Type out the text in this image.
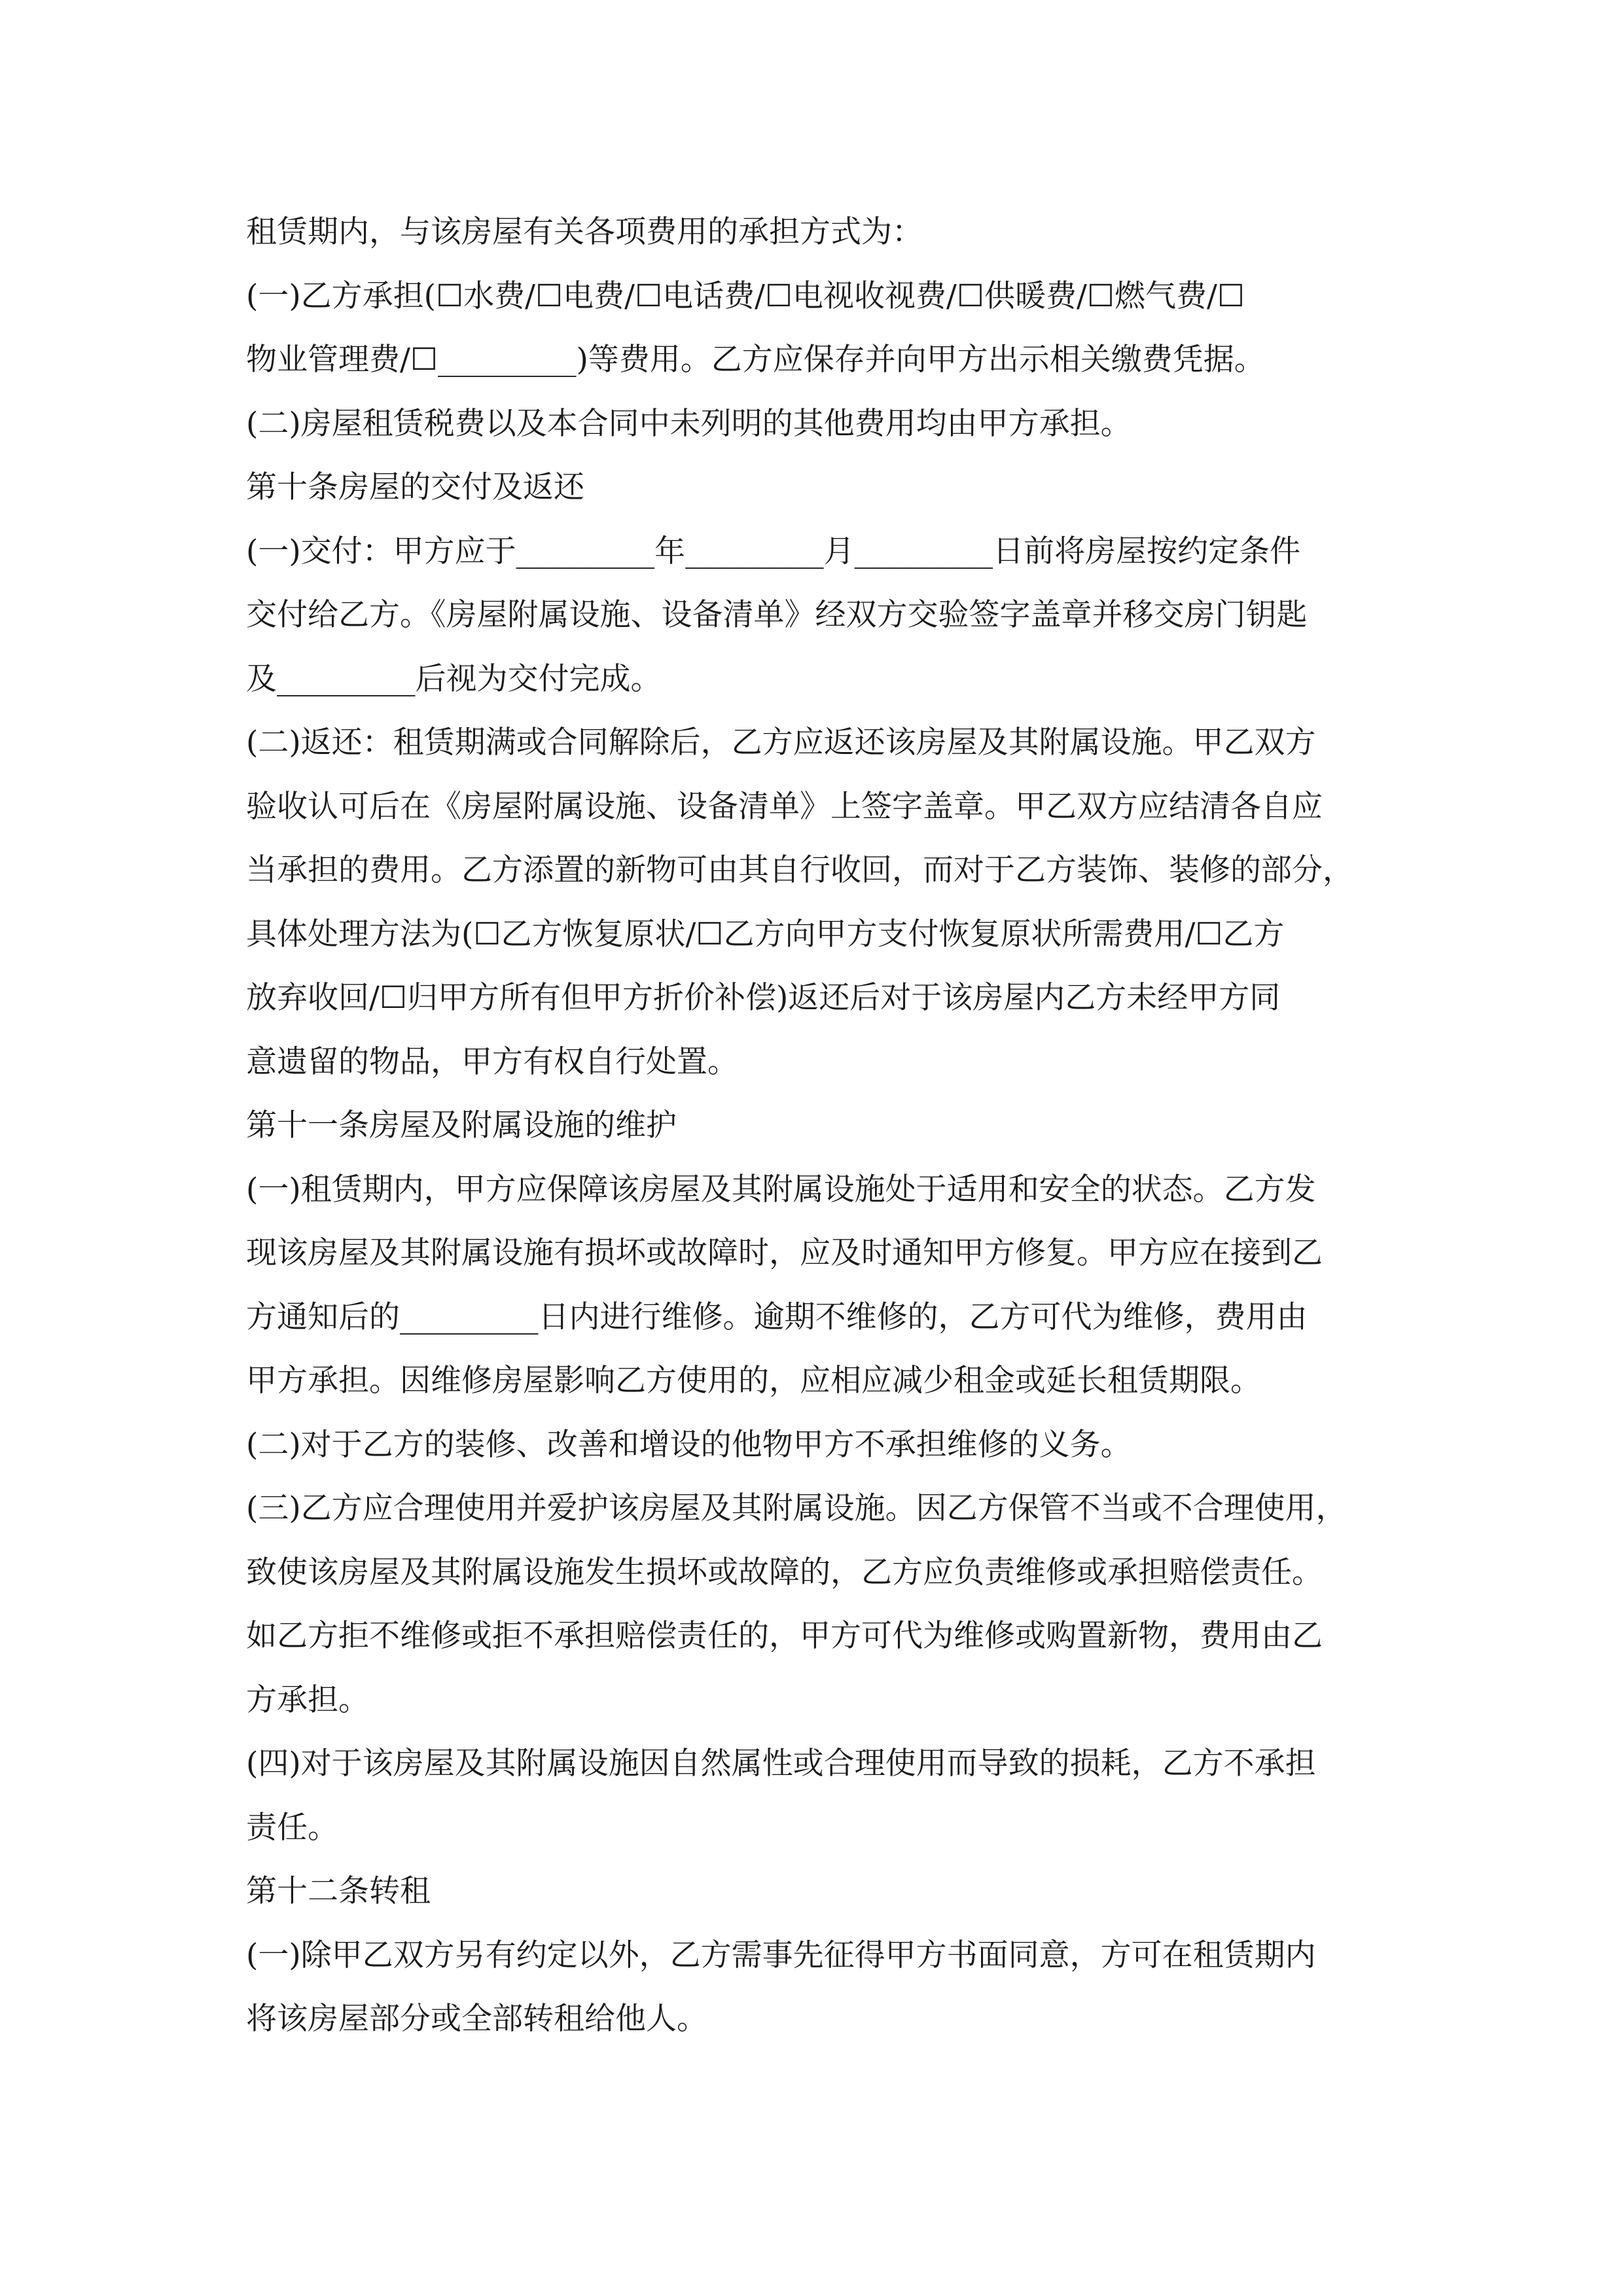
租赁期内，与该房屋有关各项费用的承担方式为：

(一)乙方承担(☐水费/☐电费/☐电话费/☐电视收视费/☐供暖费/☐燃气费/☐

物业管理费/☐_________)等费用。乙方应保存并向甲方出示相关缴费凭据。

(二)房屋租赁税费以及本合同中未列明的其他费用均由甲方承担。

第十条房屋的交付及返还

(一)交付：甲方应于_________年_________月_________日前将房屋按约定条件

交付给乙方。《房屋附属设施、设备清单》经双方交验签字盖章并移交房门钥匙

及_________后视为交付完成。

(二)返还：租赁期满或合同解除后，乙方应返还该房屋及其附属设施。甲乙双方

验收认可后在《房屋附属设施、设备清单》上签字盖章。甲乙双方应结清各自应

当承担的费用。乙方添置的新物可由其自行收回，而对于乙方装饰、装修的部分，

具体处理方法为(☐乙方恢复原状/☐乙方向甲方支付恢复原状所需费用/☐乙方

放弃收回/☐归甲方所有但甲方折价补偿)返还后对于该房屋内乙方未经甲方同

意遗留的物品，甲方有权自行处置。

第十一条房屋及附属设施的维护

(一)租赁期内，甲方应保障该房屋及其附属设施处于适用和安全的状态。乙方发

现该房屋及其附属设施有损坏或故障时，应及时通知甲方修复。甲方应在接到乙

方通知后的_________日内进行维修。逾期不维修的，乙方可代为维修，费用由

甲方承担。因维修房屋影响乙方使用的，应相应减少租金或延长租赁期限。

(二)对于乙方的装修、改善和增设的他物甲方不承担维修的义务。

(三)乙方应合理使用并爱护该房屋及其附属设施。因乙方保管不当或不合理使用，

致使该房屋及其附属设施发生损坏或故障的，乙方应负责维修或承担赔偿责任。

如乙方拒不维修或拒不承担赔偿责任的，甲方可代为维修或购置新物，费用由乙

方承担。

(四)对于该房屋及其附属设施因自然属性或合理使用而导致的损耗，乙方不承担

责任。

第十二条转租

(一)除甲乙双方另有约定以外，乙方需事先征得甲方书面同意，方可在租赁期内

将该房屋部分或全部转租给他人。
